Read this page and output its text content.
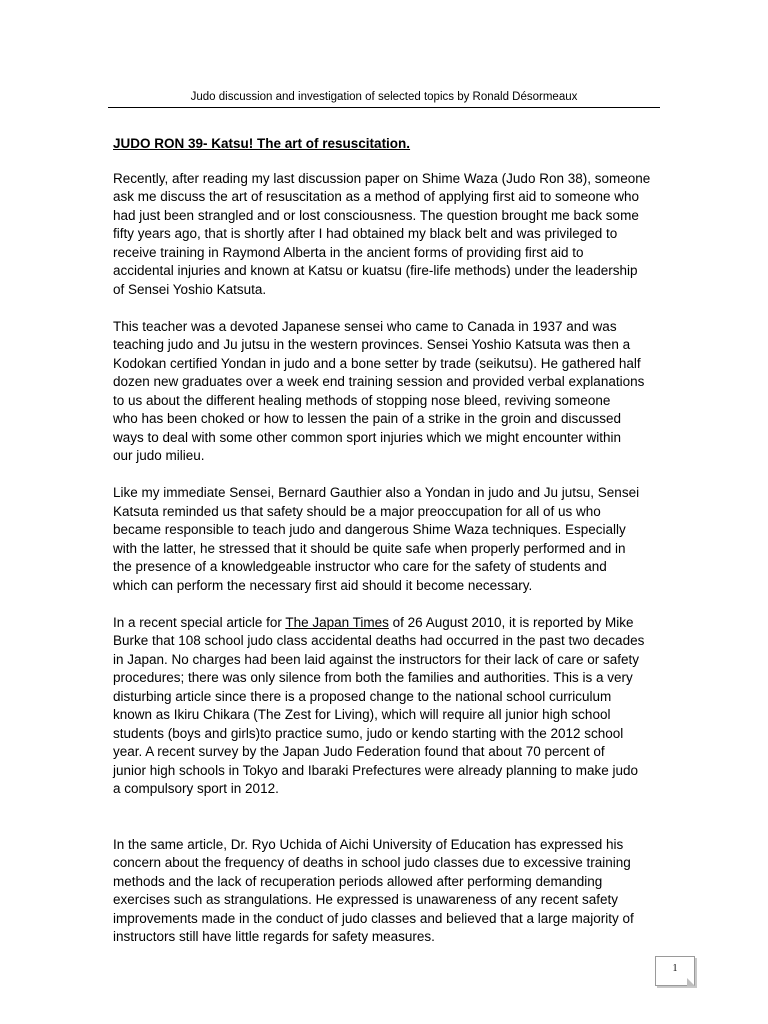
Judo discussion and investigation of selected topics by Ronald Désormeaux

JUDO RON 39- Katsu! The art of resuscitation.

Recently, after reading my last discussion paper on Shime Waza (Judo Ron 38), someone
ask me discuss the art of resuscitation as a method of applying first aid to someone who
had just been strangled and or lost consciousness. The question brought me back some
fifty years ago, that is shortly after I had obtained my black belt and was privileged to
receive training in Raymond Alberta in the ancient forms of providing first aid to
accidental injuries and known at Katsu or kuatsu (fire-life methods) under the leadership
of Sensei Yoshio Katsuta.

This teacher was a devoted Japanese sensei who came to Canada in 1937 and was
teaching judo and Ju jutsu in the western provinces. Sensei Yoshio Katsuta was then a
Kodokan certified Yondan in judo and a bone setter by trade (seikutsu). He gathered half
dozen new graduates over a week end training session and provided verbal explanations
to us about the different healing methods of stopping nose bleed, reviving someone
who has been choked or how to lessen the pain of a strike in the groin and discussed
ways to deal with some other common sport injuries which we might encounter within
our judo milieu.

Like my immediate Sensei, Bernard Gauthier also a Yondan in judo and Ju jutsu, Sensei
Katsuta reminded us that safety should be a major preoccupation for all of us who
became responsible to teach judo and dangerous Shime Waza techniques. Especially
with the latter, he stressed that it should be quite safe when properly performed and in
the presence of a knowledgeable instructor who care for the safety of students and
which can perform the necessary first aid should it become necessary.

In a recent special article for The Japan Times of 26 August 2010, it is reported by Mike
Burke that 108 school judo class accidental deaths had occurred in the past two decades
in Japan. No charges had been laid against the instructors for their lack of care or safety
procedures; there was only silence from both the families and authorities. This is a very
disturbing article since there is a proposed change to the national school curriculum
known as Ikiru Chikara (The Zest for Living), which will require all junior high school
students (boys and girls)to practice sumo, judo or kendo starting with the 2012 school
year. A recent survey by the Japan Judo Federation found that about 70 percent of
junior high schools in Tokyo and Ibaraki Prefectures were already planning to make judo
a compulsory sport in 2012.

In the same article, Dr. Ryo Uchida of Aichi University of Education has expressed his
concern about the frequency of deaths in school judo classes due to excessive training
methods and the lack of recuperation periods allowed after performing demanding
exercises such as strangulations. He expressed is unawareness of any recent safety
improvements made in the conduct of judo classes and believed that a large majority of
instructors still have little regards for safety measures.

1
